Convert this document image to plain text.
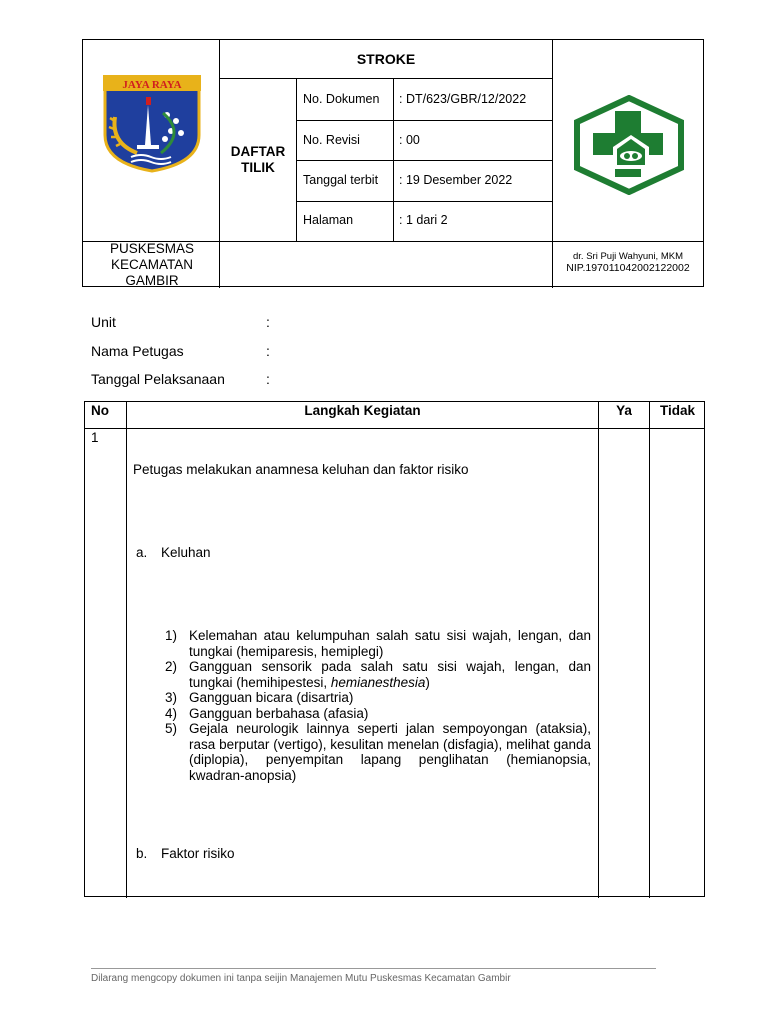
JAYA RAYA
STROKE
DAFTAR TILIK
No. Dokumen : DT/623/GBR/12/2022
No. Revisi	: 00
Tanggal terbit : 19 Desember 2022
Halaman	: 1 dari 2
PUSKESMAS KECAMATAN GAMBIR
dr. Sri Puji Wahyuni, MKM
NIP.197011042002122002
Unit	:
Nama Petugas	:
Tanggal Pelaksanaan	:
No	Langkah Kegiatan	Ya	Tidak
1
Petugas melakukan anamnesa keluhan dan faktor risiko
a. Keluhan
1) Kelemahan atau kelumpuhan salah satu sisi wajah, lengan, dan tungkai (hemiparesis, hemiplegi)
2) Gangguan sensorik pada salah satu sisi wajah, lengan, dan tungkai (hemihipestesi, hemianesthesia)
3) Gangguan bicara (disartria)
4) Gangguan berbahasa (afasia)
5) Gejala neurologik lainnya seperti jalan sempoyongan (ataksia), rasa berputar (vertigo), kesulitan menelan (disfagia), melihat ganda (diplopia), penyempitan lapang penglihatan (hemianopsia, kwadran-anopsia)
b. Faktor risiko
Dilarang mengcopy dokumen ini tanpa seijin Manajemen Mutu Puskesmas Kecamatan Gambir
